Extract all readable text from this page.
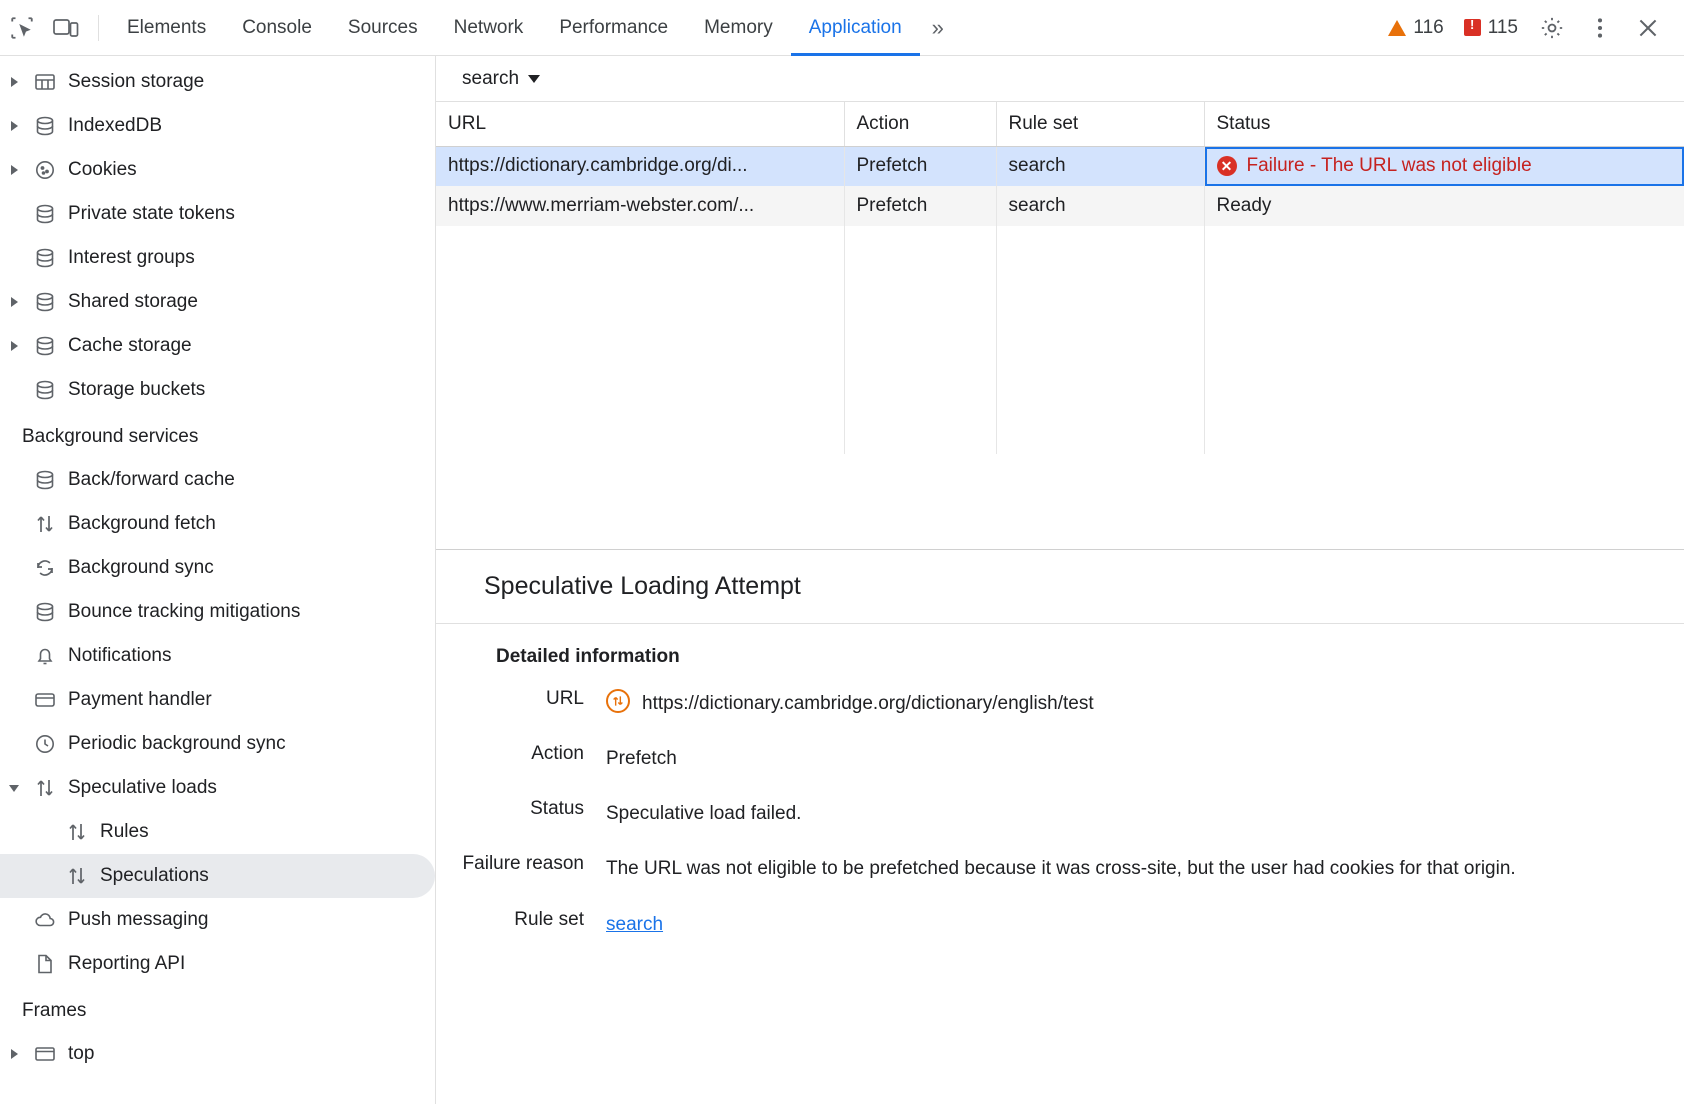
Elements	Console	Sources	Network	Performance	Memory	Application	»	116 ! 115
Session storage
IndexedDB
Cookies
Private state tokens
Interest groups
Shared storage
Cache storage
Storage buckets
Background services
Back/forward cache
Background fetch
Background sync
Bounce tracking mitigations
Notifications
Payment handler
Periodic background sync
Speculative loads
Rules
Speculations
Push messaging
Reporting API
Frames
top
search
URL	Action	Rule set	Status
https://dictionary.cambridge.org/di...	Prefetch	search	✕ Failure - The URL was not eligible

https://www.merriam-webster.com/...	Prefetch	search	Ready

Speculative Loading Attempt
Detailed information
URL	https://dictionary.cambridge.org/dictionary/english/test
Action	Prefetch
Status	Speculative load failed.
Failure reason	The URL was not eligible to be prefetched because it was cross-site, but the user had cookies for that origin.
Rule set	search
